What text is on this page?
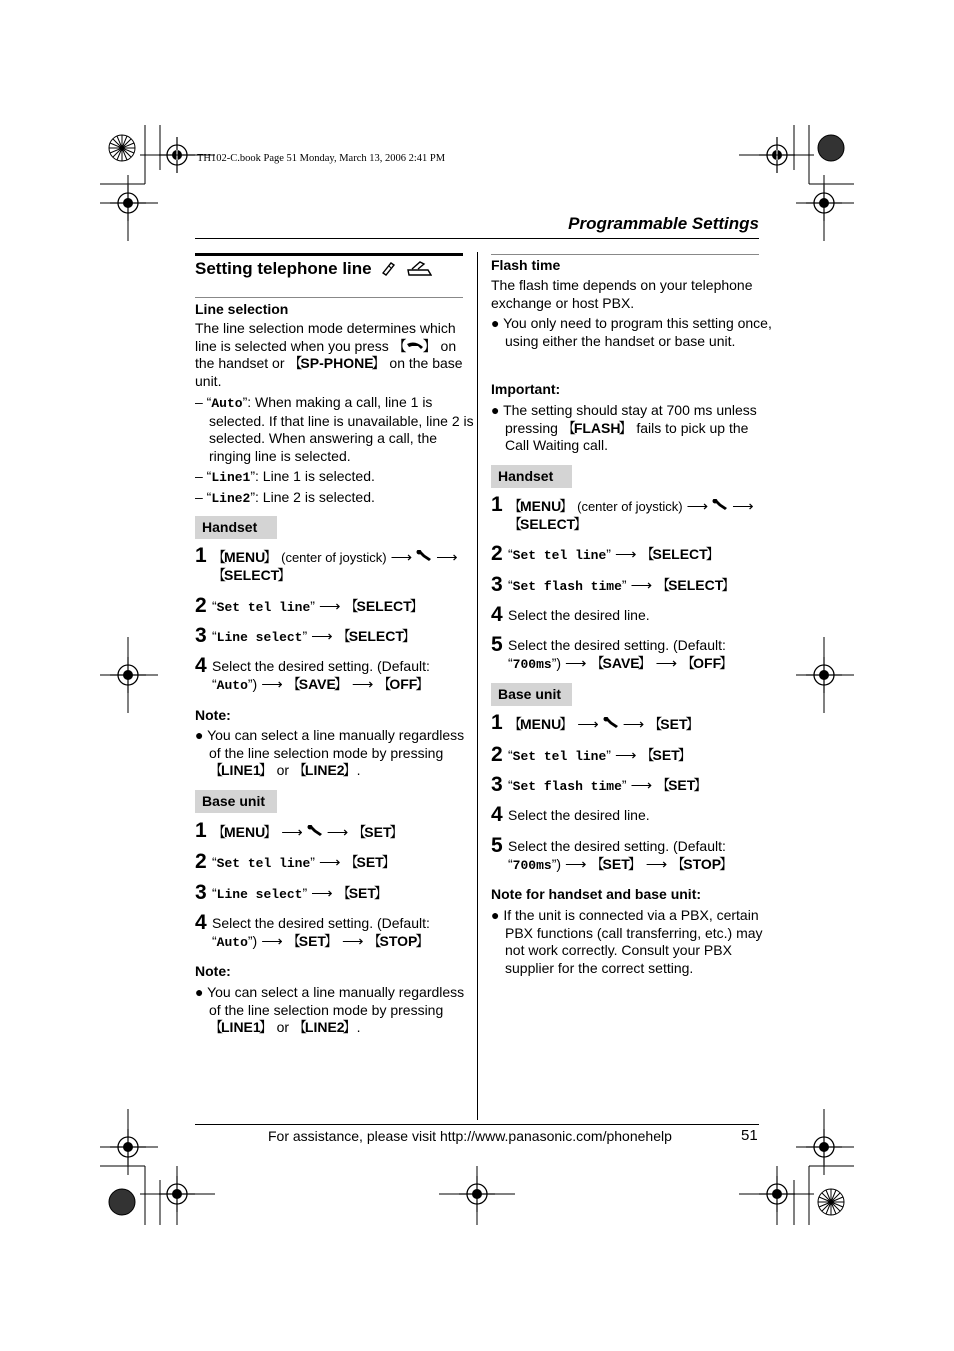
TH102-C.book Page 51 Monday, March 13, 2006 2:41 PM
Programmable Settings
Setting telephone line
Line selection
The line selection mode determines which line is selected when you press 【  】	on the handset or 【 SP-PHONE 】 on the base unit.
– “Auto”: When making a call, line 1 is selected. If that line is unavailable, line 2 is selected. When answering a call, the ringing line is selected.
– “Line1”: Line 1 is selected.
– “Line2”: Line 2 is selected.
Handset
1	【 MENU 】 (center of joystick) ⟶ ⟶
【 SELECT 】
2 “Set tel line” ⟶ 【 SELECT 】
3 “Line select” ⟶ 【 SELECT 】
4 Select the desired setting. (Default:
“Auto”) ⟶ 【 SAVE 】 ⟶ 【 OFF 】
Note:
● You can select a line manually regardless of the line selection mode by pressing 【 LINE1 】 or 【 LINE2 】 .
Base unit
1	【 MENU 】 ⟶ ⟶ 【 SET 】
2 “Set tel line” ⟶ 【 SET 】
3 “Line select” ⟶ 【 SET 】
4 Select the desired setting. (Default:
“Auto”) ⟶ 【 SET 】 ⟶ 【 STOP 】
Note:
● You can select a line manually regardless of the line selection mode by pressing 【 LINE1 】 or 【 LINE2 】 .
Flash time
The flash time depends on your telephone exchange or host PBX.
● You only need to program this setting once, using either the handset or base unit.
Important:
● The setting should stay at 700 ms unless pressing 【 FLASH 】 fails to pick up the Call Waiting call.
Handset
1	【 MENU 】 (center of joystick) ⟶ ⟶
【 SELECT 】
2 “Set tel line” ⟶ 【 SELECT 】
3 “Set flash time” ⟶ 【 SELECT 】
4 Select the desired line.
5 Select the desired setting. (Default:
“700ms”) ⟶ 【 SAVE 】 ⟶ 【 OFF 】
Base unit
1	【 MENU 】 ⟶ ⟶ 【 SET 】
2 “Set tel line” ⟶ 【 SET 】
3 “Set flash time” ⟶ 【 SET 】
4 Select the desired line.
5 Select the desired setting. (Default:
“700ms”) ⟶ 【 SET 】 ⟶ 【 STOP 】
Note for handset and base unit:
● If the unit is connected via a PBX, certain PBX functions (call transferring, etc.) may not work correctly. Consult your PBX supplier for the correct setting.
For assistance, please visit http://www.panasonic.com/phonehelp	51
